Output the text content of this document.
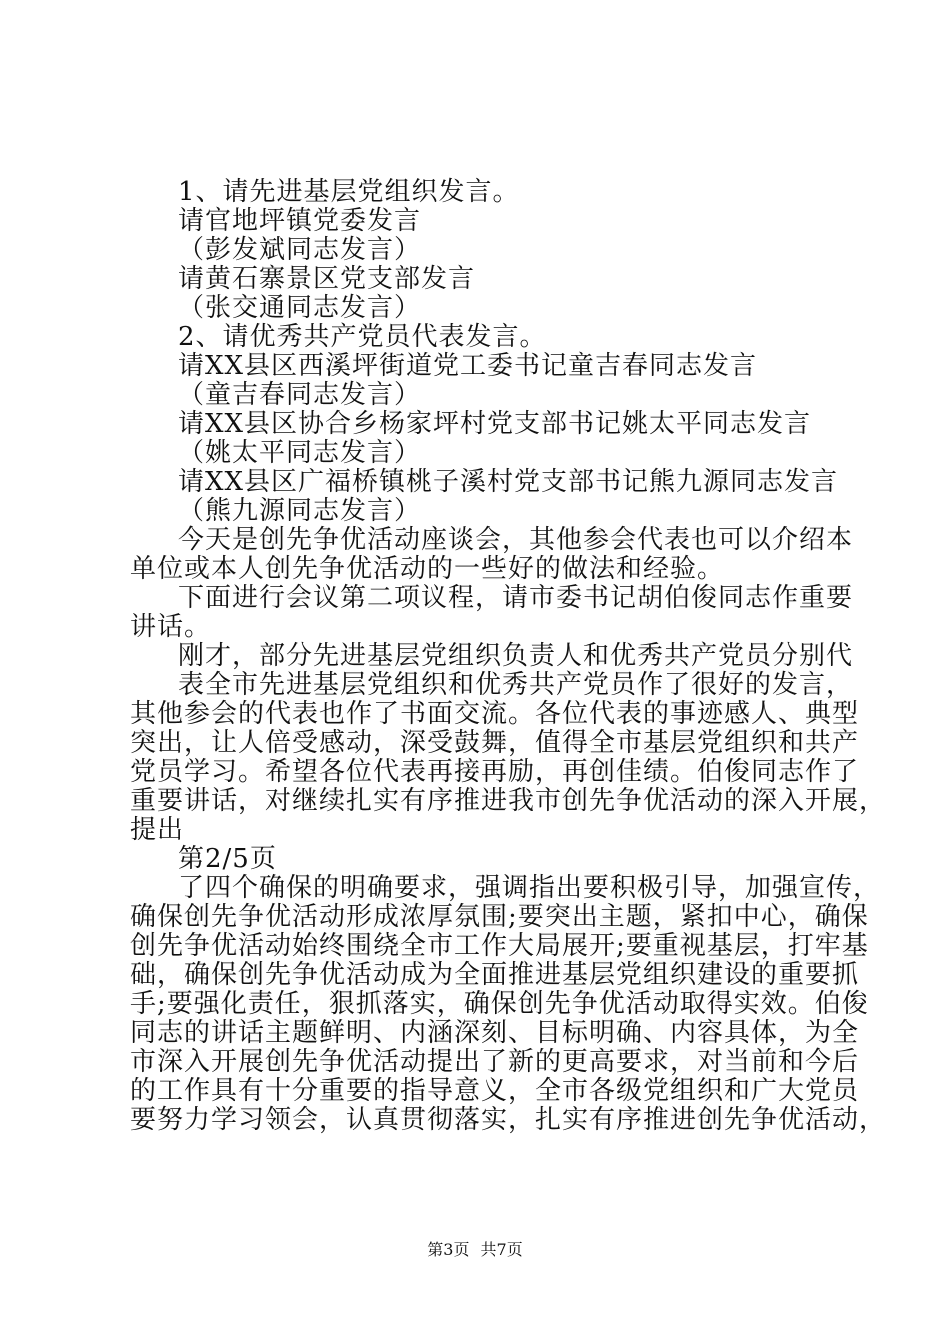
1、请先进基层党组织发言。
请官地坪镇党委发言
（彭发斌同志发言）
请黄石寨景区党支部发言
（张交通同志发言）
2、请优秀共产党员代表发言。
请XX县区西溪坪街道党工委书记童吉春同志发言
（童吉春同志发言）
请XX县区协合乡杨家坪村党支部书记姚太平同志发言
（姚太平同志发言）
请XX县区广福桥镇桃子溪村党支部书记熊九源同志发言
（熊九源同志发言）
今天是创先争优活动座谈会，其他参会代表也可以介绍本
单位或本人创先争优活动的一些好的做法和经验。
下面进行会议第二项议程，请市委书记胡伯俊同志作重要
讲话。
刚才，部分先进基层党组织负责人和优秀共产党员分别代
表全市先进基层党组织和优秀共产党员作了很好的发言，
其他参会的代表也作了书面交流。各位代表的事迹感人、典型
突出，让人倍受感动，深受鼓舞，值得全市基层党组织和共产
党员学习。希望各位代表再接再励，再创佳绩。伯俊同志作了
重要讲话，对继续扎实有序推进我市创先争优活动的深入开展，
提出
第2/5页
了四个确保的明确要求，强调指出要积极引导，加强宣传，
确保创先争优活动形成浓厚氛围;要突出主题，紧扣中心，确保
创先争优活动始终围绕全市工作大局展开;要重视基层，打牢基
础，确保创先争优活动成为全面推进基层党组织建设的重要抓
手;要强化责任，狠抓落实，确保创先争优活动取得实效。伯俊
同志的讲话主题鲜明、内涵深刻、目标明确、内容具体，为全
市深入开展创先争优活动提出了新的更高要求，对当前和今后
的工作具有十分重要的指导意义，全市各级党组织和广大党员
要努力学习领会，认真贯彻落实，扎实有序推进创先争优活动，
第3页 共7页
